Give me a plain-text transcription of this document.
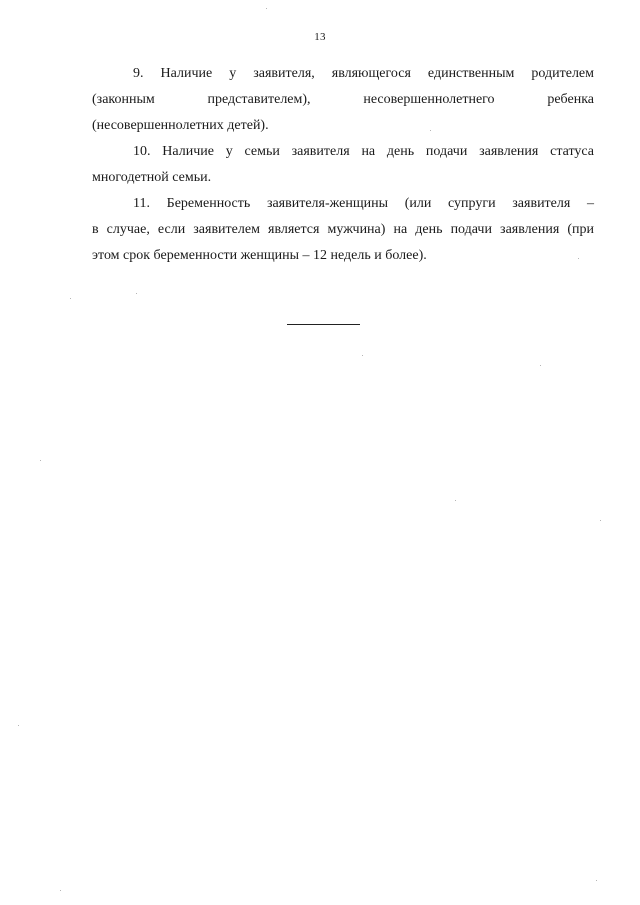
13
9. Наличие у заявителя, являющегося единственным родителем
(законным представителем), несовершеннолетнего ребенка
(несовершеннолетних детей).
10. Наличие у семьи заявителя на день подачи заявления статуса
многодетной семьи.
11. Беременность заявителя-женщины (или супруги заявителя –
в случае, если заявителем является мужчина) на день подачи заявления (при
этом срок беременности женщины – 12 недель и более).
